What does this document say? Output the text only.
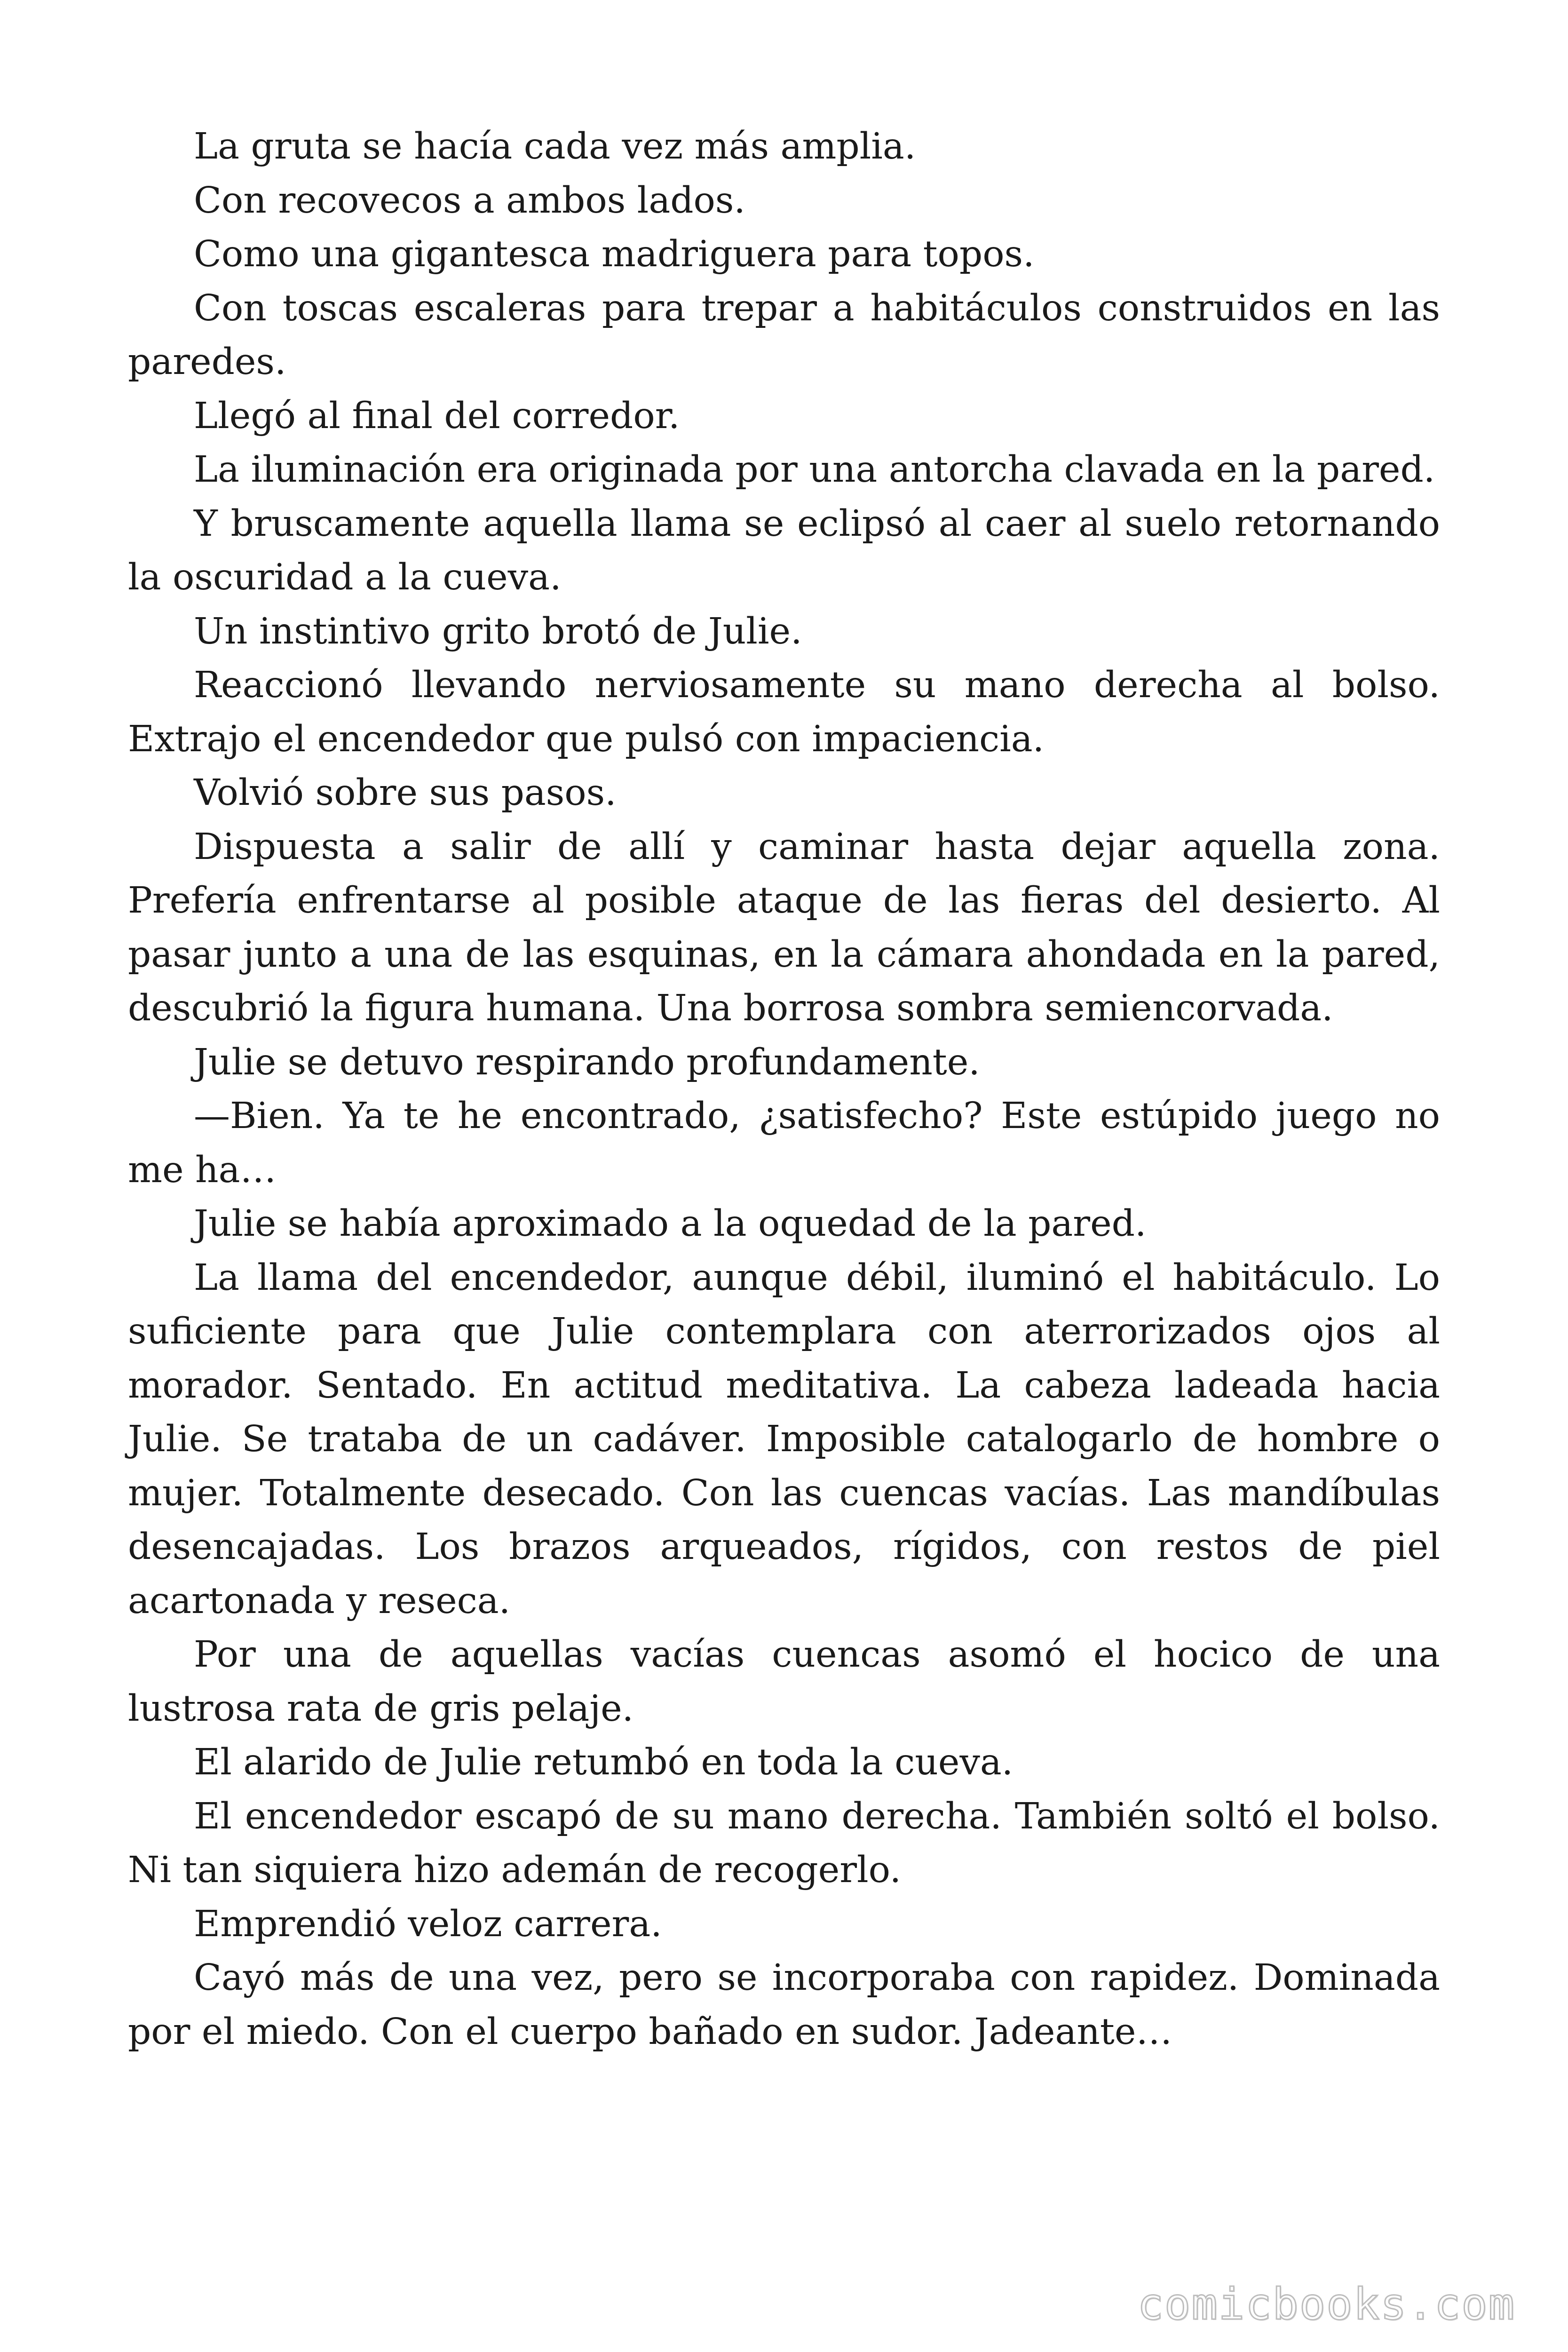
La gruta se hacía cada vez más amplia.

Con recovecos a ambos lados.

Como una gigantesca madriguera para topos.

Con toscas escaleras para trepar a habitáculos construidos en las paredes.

Llegó al final del corredor.

La iluminación era originada por una antorcha clavada en la pared.

Y bruscamente aquella llama se eclipsó al caer al suelo retornando la oscuridad a la cueva.

Un instintivo grito brotó de Julie.

Reaccionó llevando nerviosamente su mano derecha al bolso. Extrajo el encendedor que pulsó con impaciencia.

Volvió sobre sus pasos.

Dispuesta a salir de allí y caminar hasta dejar aquella zona. Prefería enfrentarse al posible ataque de las fieras del desierto. Al pasar junto a una de las esquinas, en la cámara ahondada en la pared, descubrió la figura humana. Una borrosa sombra semiencorvada.

Julie se detuvo respirando profundamente.

—Bien. Ya te he encontrado, ¿satisfecho? Este estúpido juego no me ha…

Julie se había aproximado a la oquedad de la pared.

La llama del encendedor, aunque débil, iluminó el habitáculo. Lo suficiente para que Julie contemplara con aterrorizados ojos al morador. Sentado. En actitud meditativa. La cabeza ladeada hacia Julie. Se trataba de un cadáver. Imposible catalogarlo de hombre o mujer. Totalmente desecado. Con las cuencas vacías. Las mandíbulas desencajadas. Los brazos arqueados, rígidos, con restos de piel acartonada y reseca.

Por una de aquellas vacías cuencas asomó el hocico de una lustrosa rata de gris pelaje.

El alarido de Julie retumbó en toda la cueva.

El encendedor escapó de su mano derecha. También soltó el bolso. Ni tan siquiera hizo ademán de recogerlo.

Emprendió veloz carrera.

Cayó más de una vez, pero se incorporaba con rapidez. Dominada por el miedo. Con el cuerpo bañado en sudor. Jadeante…

comicbooks.com
